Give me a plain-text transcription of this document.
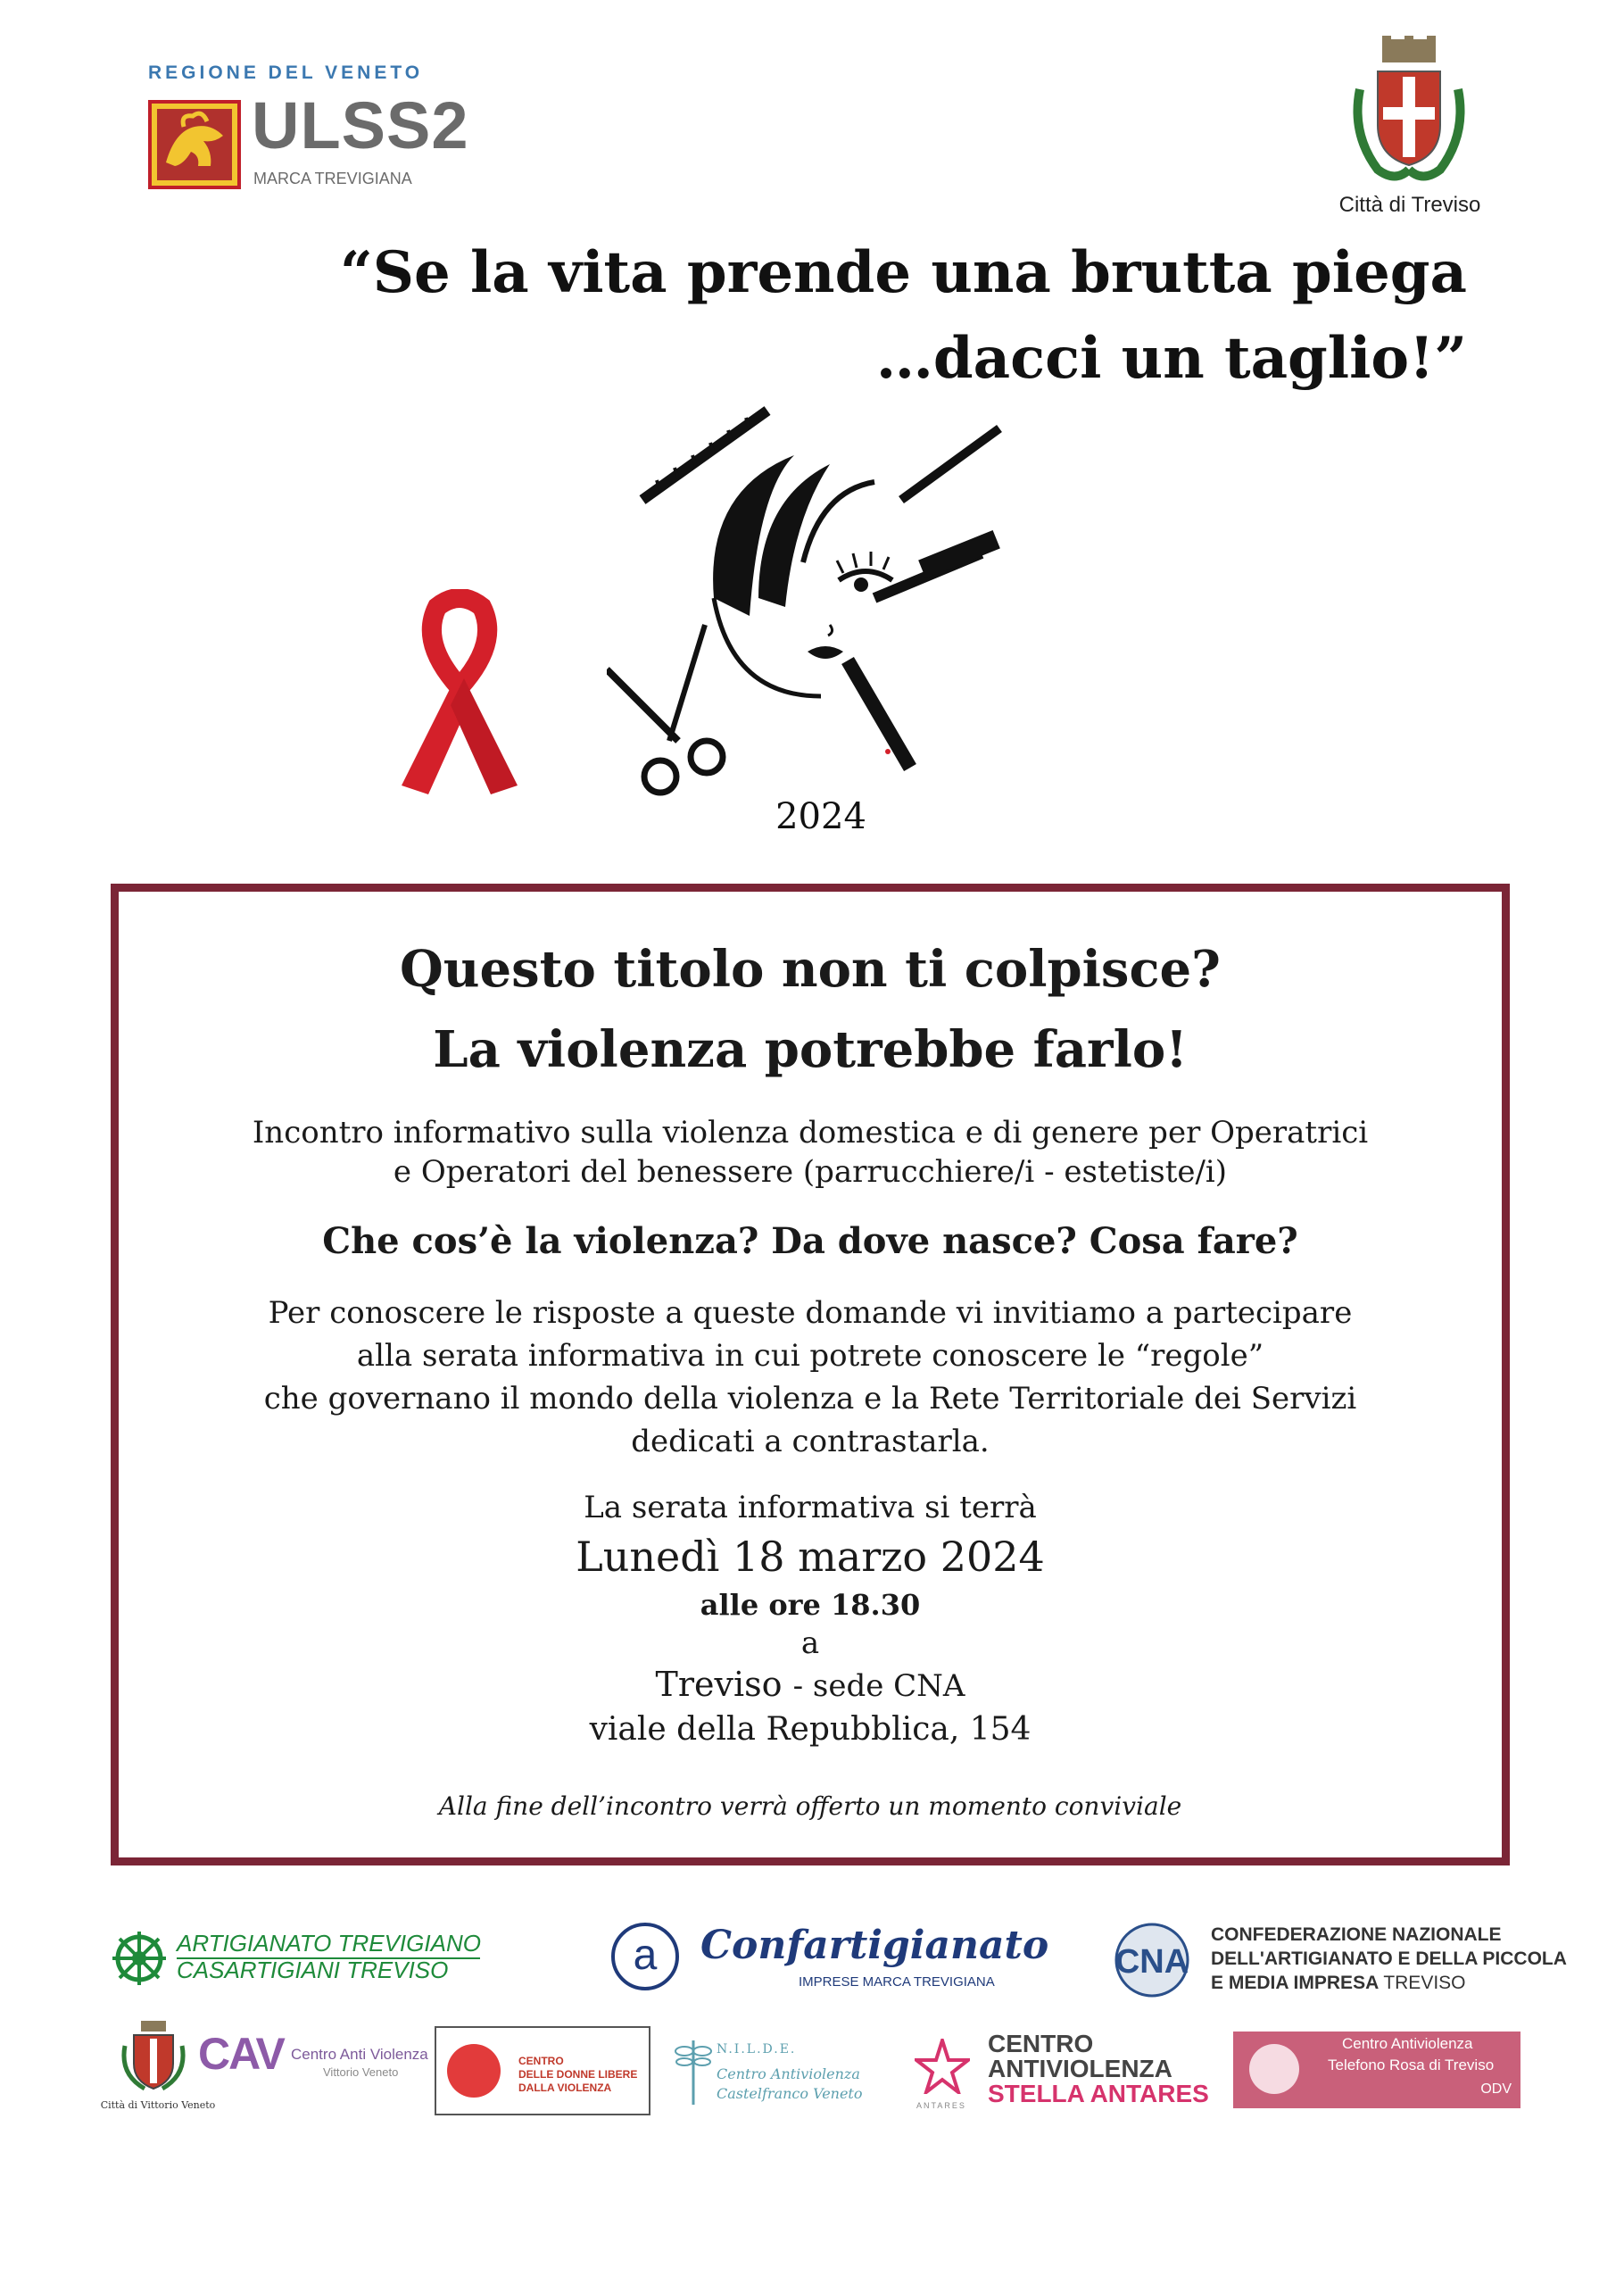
REGIONE DEL VENETO
ULSS2
MARCA TREVIGIANA
Città di Treviso
“Se la vita prende una brutta piega
…dacci un taglio!”
2024
Questo titolo non ti colpisce?
La violenza potrebbe farlo!
Incontro informativo sulla violenza domestica e di genere per Operatrici
e Operatori del benessere (parrucchiere/i - estetiste/i)
Che cos’è la violenza? Da dove nasce? Cosa fare?
Per conoscere le risposte a queste domande vi invitiamo a partecipare
alla serata informativa in cui potrete conoscere le “regole”
che governano il mondo della violenza e la Rete Territoriale dei Servizi
dedicati a contrastarla.
La serata informativa si terrà
Lunedì 18 marzo 2024
alle ore 18.30
a
Treviso - sede CNA
viale della Repubblica, 154
Alla fine dell’incontro verrà offerto un momento conviviale
ARTIGIANATO TREVIGIANO
CASARTIGIANI TREVISO	a	Confartigianato
IMPRESE MARCA TREVIGIANA
CNA
CONFEDERAZIONE NAZIONALE
DELL'ARTIGIANATO E DELLA PICCOLA
E MEDIA IMPRESA TREVISO
Città di Vittorio Veneto
CAV Centro Anti Violenza
Vittorio Veneto
CENTRO
DELLE DONNE LIBERE
DALLA VIOLENZA
N.I.L.D.E.
Centro Antiviolenza
Castelfranco Veneto
ANTARES
CENTRO
ANTIVIOLENZA
STELLA ANTARES
Centro Antiviolenza
Telefono Rosa di Treviso
ODV
